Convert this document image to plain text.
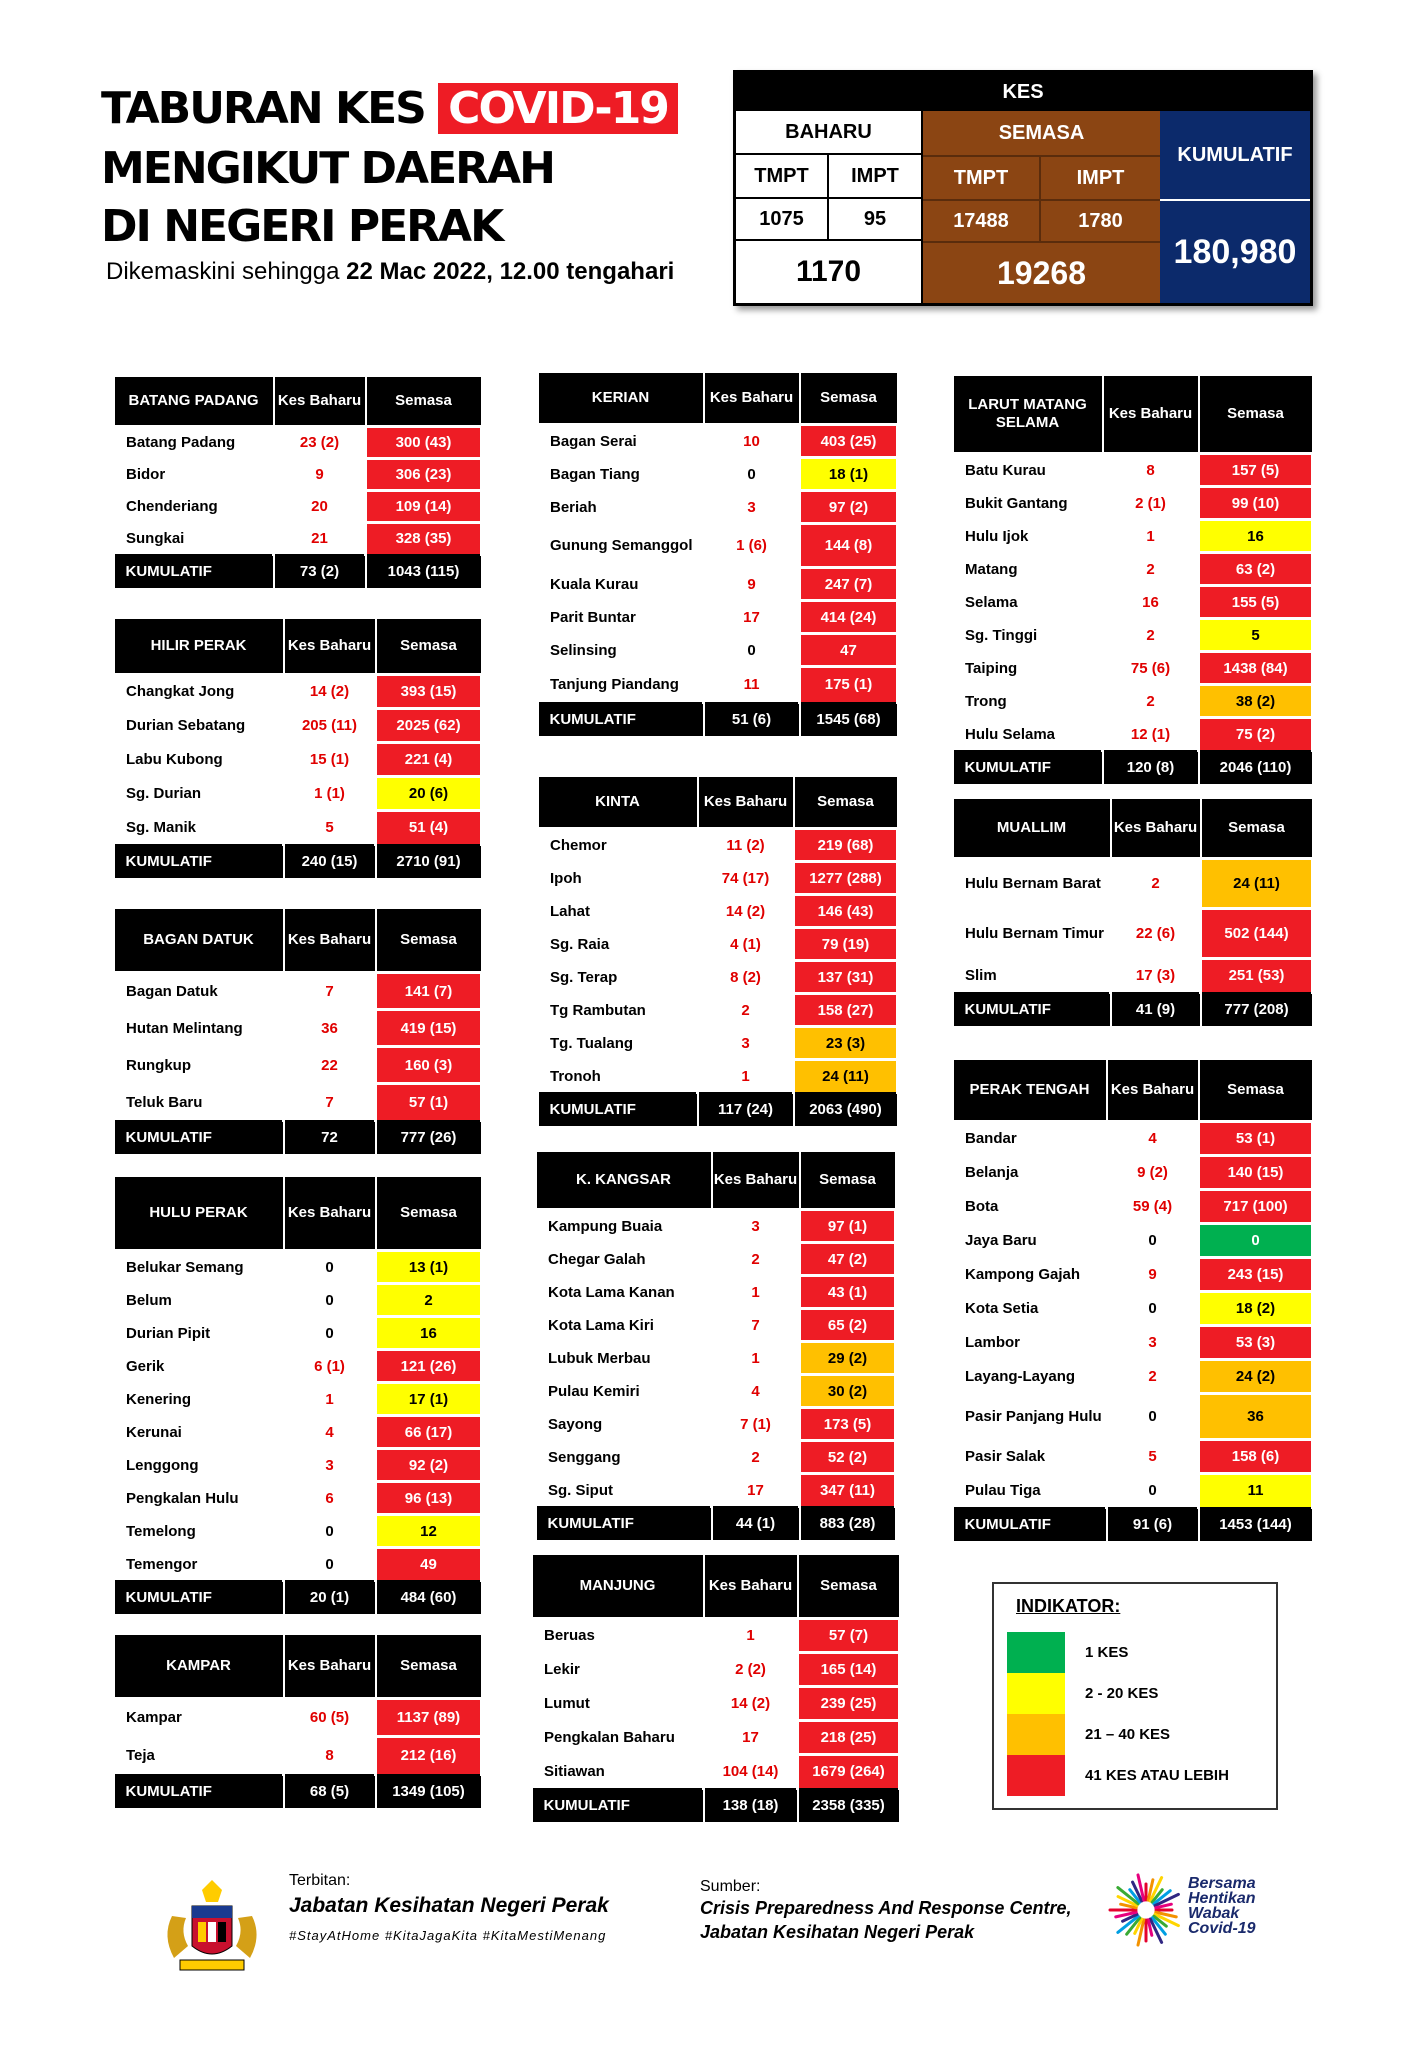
TABURAN KES COVID-19
MENGIKUT DAERAH
DI NEGERI PERAK
Dikemaskini sehingga 22 Mac 2022, 12.00 tengahari
KES
BAHARU	SEMASA
KUMULATIF
TMPT	IMPT	TMPT	IMPT
1075	95	17488	1780
1170	19268
180,980
BATANG PADANG	Kes Baharu	Semasa
Batang Padang	23 (2)	300 (43)
Bidor	9	306 (23)
Chenderiang	20	109 (14)
Sungkai	21	328 (35)
KUMULATIF	73 (2)	1043 (115)
HILIR PERAK	Kes Baharu	Semasa
Changkat Jong	14 (2)	393 (15)
Durian Sebatang	205 (11)	2025 (62)
Labu Kubong	15 (1)	221 (4)
Sg. Durian	1 (1)	20 (6)
Sg. Manik	5	51 (4)
KUMULATIF	240 (15)	2710 (91)
BAGAN DATUK	Kes Baharu	Semasa
Bagan Datuk	7	141 (7)
Hutan Melintang	36	419 (15)
Rungkup	22	160 (3)
Teluk Baru	7	57 (1)
KUMULATIF	72	777 (26)
HULU PERAK	Kes Baharu	Semasa
Belukar Semang	0	13 (1)
Belum	0	2
Durian Pipit	0	16
Gerik	6 (1)	121 (26)
Kenering	1	17 (1)
Kerunai	4	66 (17)
Lenggong	3	92 (2)
Pengkalan Hulu	6	96 (13)
Temelong	0	12
Temengor	0	49
KUMULATIF	20 (1)	484 (60)
KAMPAR	Kes Baharu	Semasa
Kampar	60 (5)	1137 (89)
Teja	8	212 (16)
KUMULATIF	68 (5)	1349 (105)
KERIAN	Kes Baharu	Semasa
Bagan Serai	10	403 (25)
Bagan Tiang	0	18 (1)
Beriah	3	97 (2)
Gunung Semanggol	1 (6)	144 (8)
Kuala Kurau	9	247 (7)
Parit Buntar	17	414 (24)
Selinsing	0	47
Tanjung Piandang	11	175 (1)
KUMULATIF	51 (6)	1545 (68)
KINTA	Kes Baharu	Semasa
Chemor	11 (2)	219 (68)
Ipoh	74 (17)	1277 (288)
Lahat	14 (2)	146 (43)
Sg. Raia	4 (1)	79 (19)
Sg. Terap	8 (2)	137 (31)
Tg Rambutan	2	158 (27)
Tg. Tualang	3	23 (3)
Tronoh	1	24 (11)
KUMULATIF	117 (24)	2063 (490)
K. KANGSAR	Kes Baharu	Semasa
Kampung Buaia	3	97 (1)
Chegar Galah	2	47 (2)
Kota Lama Kanan	1	43 (1)
Kota Lama Kiri	7	65 (2)
Lubuk Merbau	1	29 (2)
Pulau Kemiri	4	30 (2)
Sayong	7 (1)	173 (5)
Senggang	2	52 (2)
Sg. Siput	17	347 (11)
KUMULATIF	44 (1)	883 (28)
MANJUNG	Kes Baharu	Semasa
Beruas	1	57 (7)
Lekir	2 (2)	165 (14)
Lumut	14 (2)	239 (25)
Pengkalan Baharu	17	218 (25)
Sitiawan	104 (14)	1679 (264)
KUMULATIF	138 (18)	2358 (335)
LARUT MATANG SELAMA	Kes Baharu	Semasa
Batu Kurau	8	157 (5)
Bukit Gantang	2 (1)	99 (10)
Hulu Ijok	1	16
Matang	2	63 (2)
Selama	16	155 (5)
Sg. Tinggi	2	5
Taiping	75 (6)	1438 (84)
Trong	2	38 (2)
Hulu Selama	12 (1)	75 (2)
KUMULATIF	120 (8)	2046 (110)
MUALLIM	Kes Baharu	Semasa
Hulu Bernam Barat	2	24 (11)
Hulu Bernam Timur	22 (6)	502 (144)
Slim	17 (3)	251 (53)
KUMULATIF	41 (9)	777 (208)
PERAK TENGAH	Kes Baharu	Semasa
Bandar	4	53 (1)
Belanja	9 (2)	140 (15)
Bota	59 (4)	717 (100)
Jaya Baru	0	0
Kampong Gajah	9	243 (15)
Kota Setia	0	18 (2)
Lambor	3	53 (3)
Layang-Layang	2	24 (2)
Pasir Panjang Hulu	0	36
Pasir Salak	5	158 (6)
Pulau Tiga	0	11
KUMULATIF	91 (6)	1453 (144)
INDIKATOR:
1 KES
2 - 20 KES
21 – 40 KES
41 KES ATAU LEBIH
Terbitan:
Jabatan Kesihatan Negeri Perak
#StayAtHome #KitaJagaKita #KitaMestiMenang
Sumber:
Crisis Preparedness And Response Centre,
Jabatan Kesihatan Negeri Perak
Bersama
Hentikan
Wabak
Covid-19
